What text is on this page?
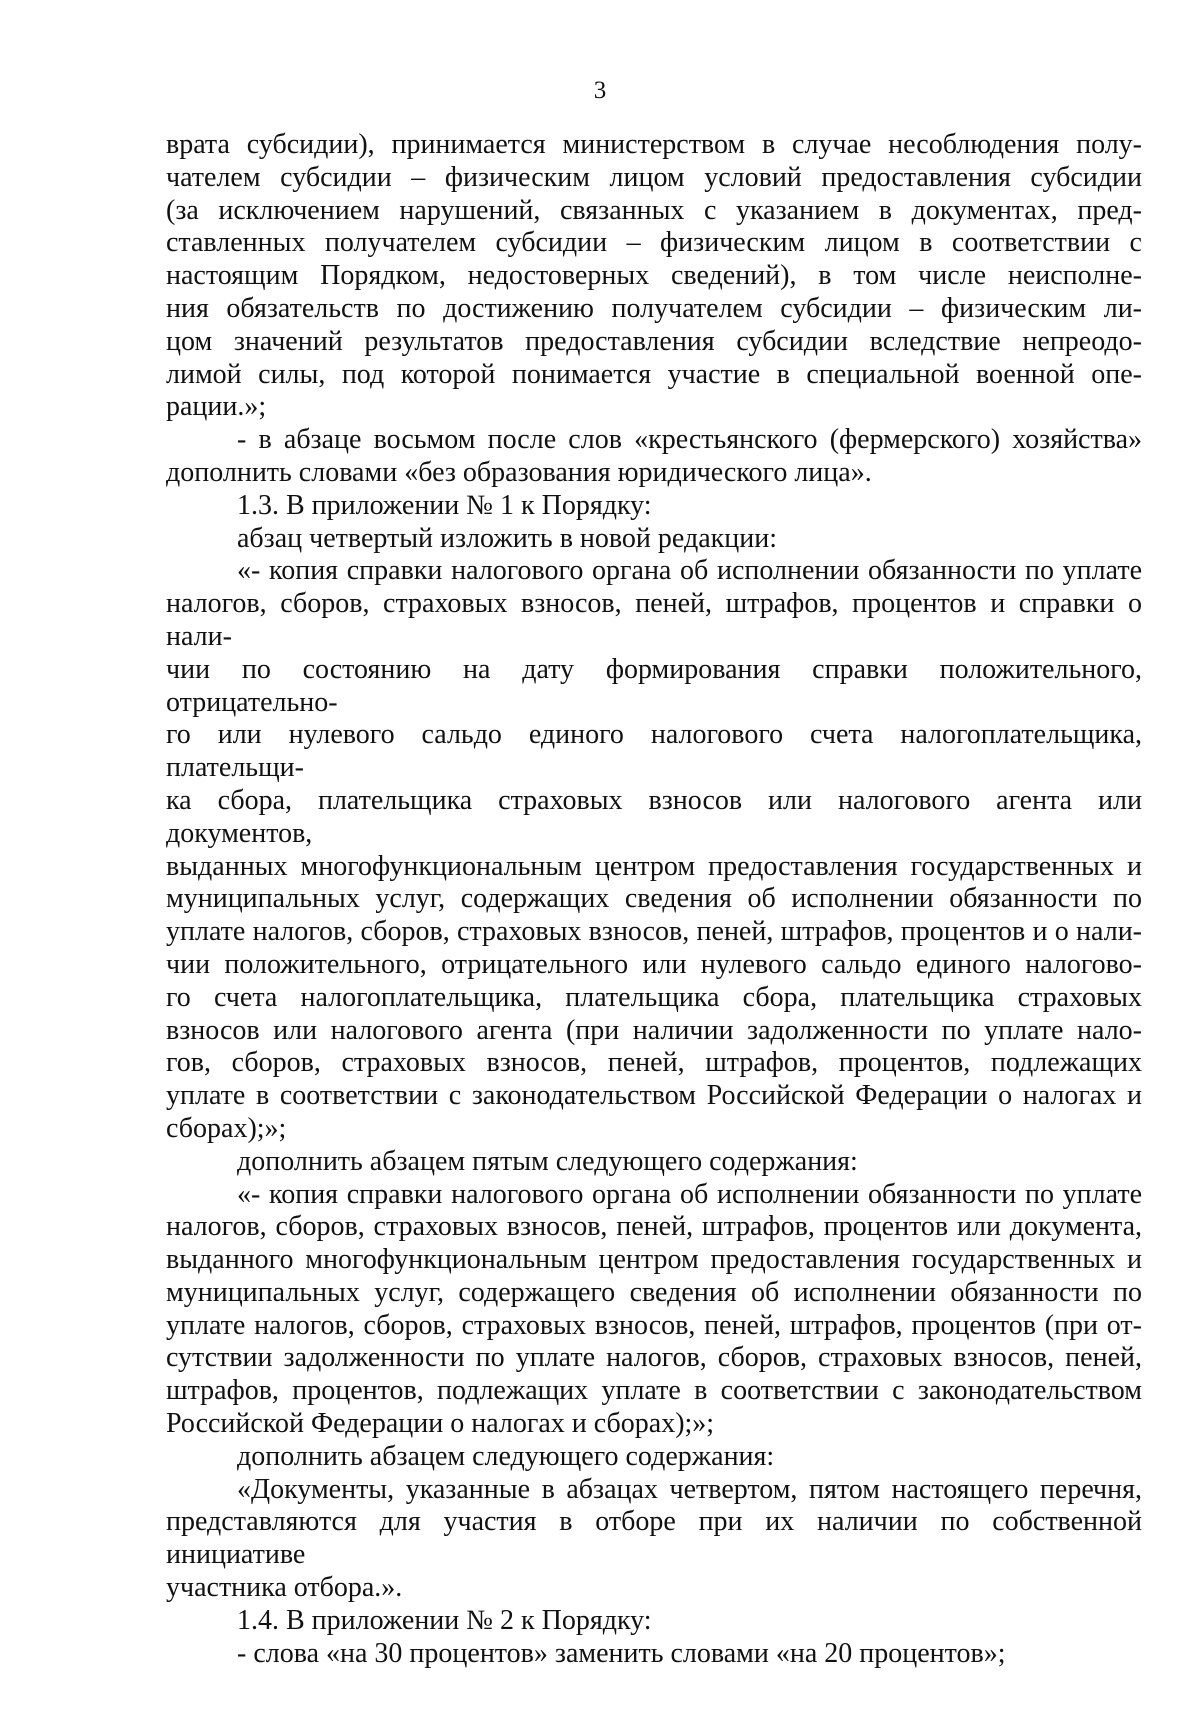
3
врата субсидии), принимается министерством в случае несоблюдения полу-
чателем субсидии – физическим лицом условий предоставления субсидии
(за исключением нарушений, связанных с указанием в документах, пред-
ставленных получателем субсидии – физическим лицом в соответствии с
настоящим Порядком, недостоверных сведений), в том числе неисполне-
ния обязательств по достижению получателем субсидии – физическим ли-
цом значений результатов предоставления субсидии вследствие непреодо-
лимой силы, под которой понимается участие в специальной военной опе-
рации.»;
- в абзаце восьмом после слов «крестьянского (фермерского) хозяйства»
дополнить словами «без образования юридического лица».
1.3. В приложении № 1 к Порядку:
абзац четвертый изложить в новой редакции:
«- копия справки налогового органа об исполнении обязанности по уплате
налогов, сборов, страховых взносов, пеней, штрафов, процентов и справки о нали-
чии по состоянию на дату формирования справки положительного, отрицательно-
го или нулевого сальдо единого налогового счета налогоплательщика, плательщи-
ка сбора, плательщика страховых взносов или налогового агента или документов,
выданных многофункциональным центром предоставления государственных и
муниципальных услуг, содержащих сведения об исполнении обязанности по
уплате налогов, сборов, страховых взносов, пеней, штрафов, процентов и о нали-
чии положительного, отрицательного или нулевого сальдо единого налогово-
го счета налогоплательщика, плательщика сбора, плательщика страховых
взносов или налогового агента (при наличии задолженности по уплате нало-
гов, сборов, страховых взносов, пеней, штрафов, процентов, подлежащих
уплате в соответствии с законодательством Российской Федерации о налогах и
сборах);»;
дополнить абзацем пятым следующего содержания:
«- копия справки налогового органа об исполнении обязанности по уплате
налогов, сборов, страховых взносов, пеней, штрафов, процентов или документа,
выданного многофункциональным центром предоставления государственных и
муниципальных услуг, содержащего сведения об исполнении обязанности по
уплате налогов, сборов, страховых взносов, пеней, штрафов, процентов (при от-
сутствии задолженности по уплате налогов, сборов, страховых взносов, пеней,
штрафов, процентов, подлежащих уплате в соответствии с законодательством
Российской Федерации о налогах и сборах);»;
дополнить абзацем следующего содержания:
«Документы, указанные в абзацах четвертом, пятом настоящего перечня,
представляются для участия в отборе при их наличии по собственной инициативе
участника отбора.».
1.4. В приложении № 2 к Порядку:
- слова «на 30 процентов» заменить словами «на 20 процентов»;
